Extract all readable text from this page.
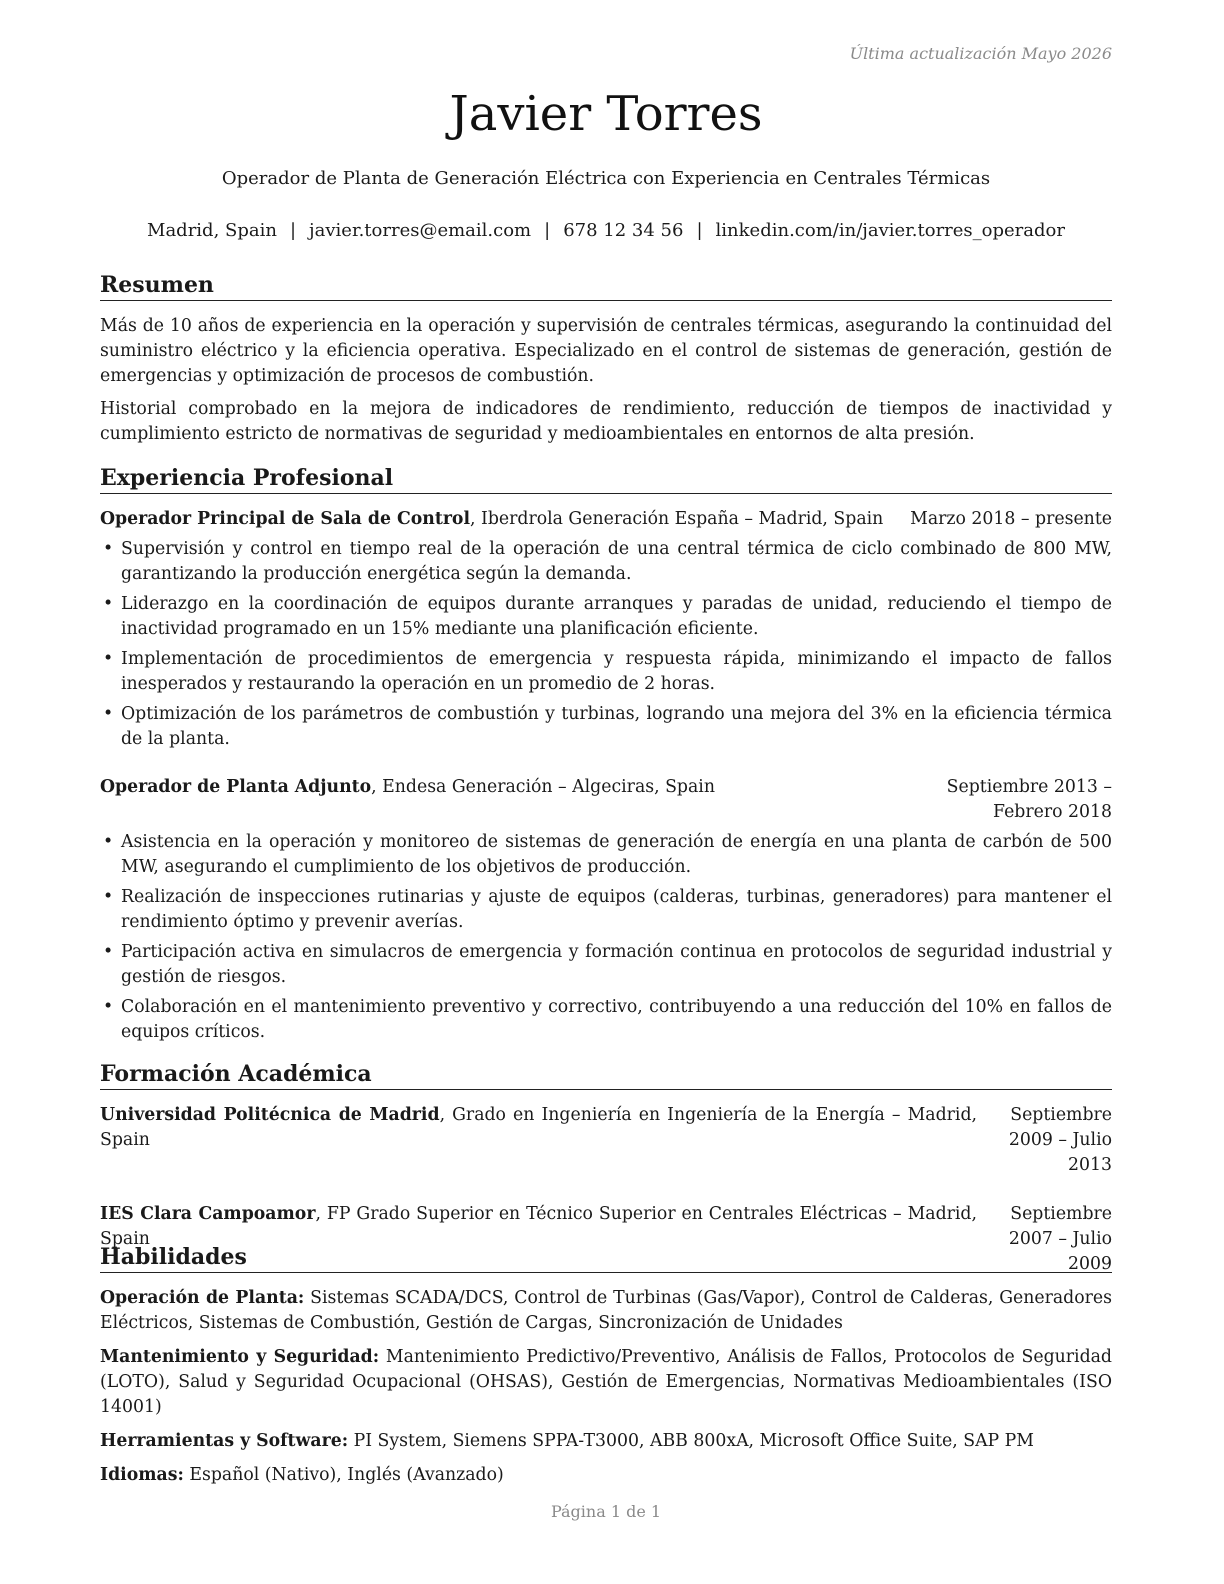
Última actualización Mayo 2026
Javier Torres
Operador de Planta de Generación Eléctrica con Experiencia en Centrales Térmicas
Madrid, Spain | javier.torres@email.com | 678 12 34 56 | linkedin.com/in/javier.torres_operador
Resumen

Más de 10 años de experiencia en la operación y supervisión de centrales térmicas, asegurando la continuidad del suministro eléctrico y la eficiencia operativa. Especializado en el control de sistemas de generación, gestión de emergencias y optimización de procesos de combustión.

Historial comprobado en la mejora de indicadores de rendimiento, reducción de tiempos de inactividad y cumplimiento estricto de normativas de seguridad y medioambientales en entornos de alta presión.

Experiencia Profesional
Operador Principal de Sala de Control, Iberdrola Generación España – Madrid, Spain	Marzo 2018 – presente
• Supervisión y control en tiempo real de la operación de una central térmica de ciclo combinado de 800 MW, garantizando la producción energética según la demanda.
• Liderazgo en la coordinación de equipos durante arranques y paradas de unidad, reduciendo el tiempo de inactividad programado en un 15% mediante una planificación eficiente.
• Implementación de procedimientos de emergencia y respuesta rápida, minimizando el impacto de fallos inesperados y restaurando la operación en un promedio de 2 horas.
• Optimización de los parámetros de combustión y turbinas, logrando una mejora del 3% en la eficiencia térmica de la planta.
Operador de Planta Adjunto, Endesa Generación – Algeciras, Spain	Septiembre 2013 – Febrero 2018
• Asistencia en la operación y monitoreo de sistemas de generación de energía en una planta de carbón de 500 MW, asegurando el cumplimiento de los objetivos de producción.
• Realización de inspecciones rutinarias y ajuste de equipos (calderas, turbinas, generadores) para mantener el rendimiento óptimo y prevenir averías.
• Participación activa en simulacros de emergencia y formación continua en protocolos de seguridad industrial y gestión de riesgos.
• Colaboración en el mantenimiento preventivo y correctivo, contribuyendo a una reducción del 10% en fallos de equipos críticos.
Formación Académica
Universidad Politécnica de Madrid, Grado en Ingeniería en Ingeniería de la Energía – Madrid, Spain
Septiembre 2009 – Julio 2013
IES Clara Campoamor, FP Grado Superior en Técnico Superior en Centrales Eléctricas – Madrid, Spain
Septiembre 2007 – Julio 2009
Habilidades

Operación de Planta: Sistemas SCADA/DCS, Control de Turbinas (Gas/Vapor), Control de Calderas, Generadores Eléctricos, Sistemas de Combustión, Gestión de Cargas, Sincronización de Unidades

Mantenimiento y Seguridad: Mantenimiento Predictivo/Preventivo, Análisis de Fallos, Protocolos de Seguridad (LOTO), Salud y Seguridad Ocupacional (OHSAS), Gestión de Emergencias, Normativas Medioambientales (ISO 14001)

Herramientas y Software: PI System, Siemens SPPA-T3000, ABB 800xA, Microsoft Office Suite, SAP PM

Idiomas: Español (Nativo), Inglés (Avanzado)

Página 1 de 1
